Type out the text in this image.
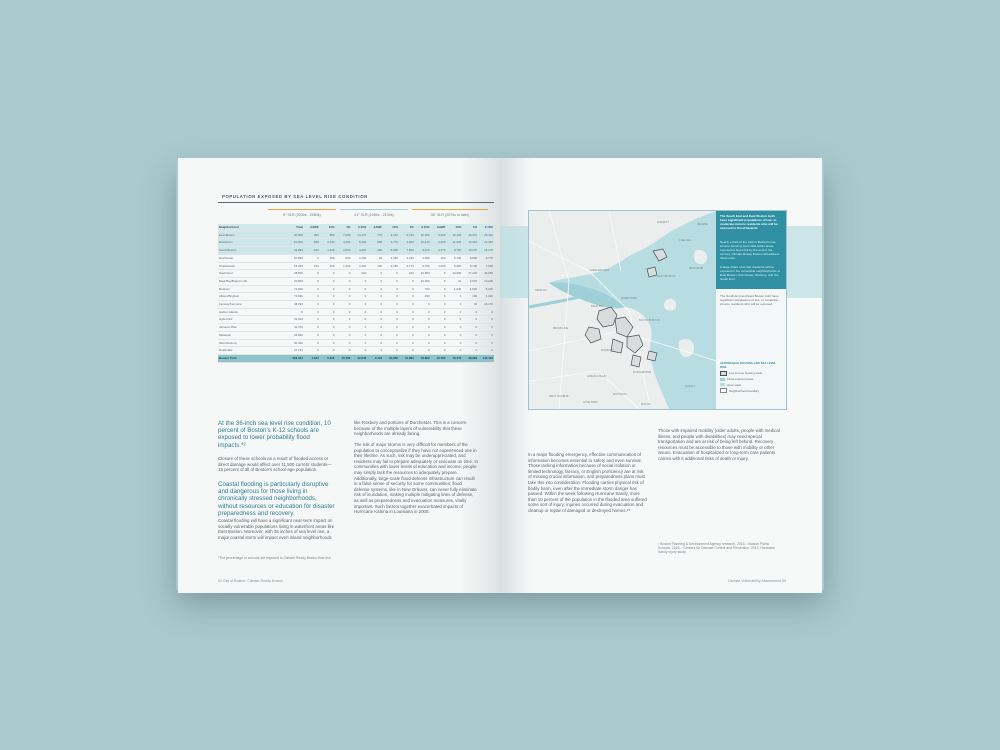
POPULATION EXPOSED BY SEA LEVEL RISE CONDITION
9" SLR (2030s - 2050s)	21" SLR (2050s - 2100s)	36" SLR (2070s or later)
Neighborhood	Total	AAWF	10%	1%	0.10%	AAWF	10%	1%	0.10%	AAWF	10%	1%	0.10%
East Boston	40,508	289	850	7,000	14,470	770	4,010	6,740	16,300	6,400	16,130	19,370	26,420
Downtown	10,300	650	2,190	4,490	5,400	960	3,770	4,940	10,410	2,490	11,230	10,410	21,440
South Boston	31,990	100	1,460	2,090	4,400	100	5,090	7,540	9,210	2,370	8,750	10,270	15,170
Dorchester	87,890	0	180	840	3,190	30	4,340	3,430	4,090	160	5,740	6,830	9,770
Charlestown	16,439	100	400	1,340	3,400	100	2,180	5,770	6,750	1,020	5,920	5,790	7,060
South End	28,800	0	0	0	220	0	0	240	10,880	0	24,980	27,420	30,080
Back Bay/Beacon Hill	22,800	0	0	0	0	0	0	0	10,090	0	10	4,670	10,200
Roxbury	71,900	0	0	0	0	0	0	0	700	0	1,040	1,820	5,200
Allston/Brighton	74,990	0	0	0	0	0	0	0	190	0	0	190	1,020
Fenway/Kenmore	44,290	0	0	0	0	0	0	0	0	0	0	40	10,470
Harbor Islands	0	0	0	0	0	0	0	0	0	0	0	0	0
Hyde Park	32,910	0	0	0	0	0	0	0	0	0	0	0	0
Jamaica Plain	42,370	0	0	0	0	0	0	0	0	0	0	0	0
Mattapan	26,660	0	0	0	0	0	0	0	0	0	0	0	0
West Roxbury	30,440	0	0	0	0	0	0	0	0	0	0	0	0
Roslindale	27,721	0	0	0	0	0	0	0	0	0	0	0	0
Boston Total	626,441	1,340	5,260	15,780	42,240	2,110	22,650	44,060	78,889	12,780	73,770	98,389	144,460
At the 36-inch sea level rise condition, 10 percent of Boston's K-12 schools are exposed to lower probability flood impacts.*²
Closure of these schools as a result of flooded access or direct damage would affect over 11,500 current students—15 percent of all of Boston's school-age population.
Coastal flooding is particularly disruptive and dangerous for those living in chronically stressed neighborhoods, without resources or education for disaster preparedness and recovery.
Coastal flooding will have a significant near-term impact on socially vulnerable populations living in waterfront areas like East Boston. Moreover, with 36 inches of sea level rise, a major coastal storm will impact even inland neighborhoods
*The percentage of schools are exposed to Climate Ready Boston flow rise.
like Roxbury and portions of Dorchester. This is a concern because of the multiple layers of vulnerability that these neighborhoods are already facing.
The risk of major storms is very difficult for members of the population to conceptualize if they have not experienced one in their lifetime. As such, risk may be underappreciated, and residents may fail to prepare adequately or evacuate on time. In communities with lower levels of education and income, people may simply lack the resources to adequately prepare. Additionally, large-scale flood defense infrastructure can result in a false sense of security for some communities; flood defense systems, like in New Orleans, can never fully eliminate risk of inundation, making multiple mitigating lines of defense, as well as preparedness and evacuation measures, vitally important. Such factors together exacerbated impacts of Hurricane Katrina in Louisiana in 2005.
54 City of Boston: Climate Ready Boston
EVERETT
CHELSEA
REVERE
WINTHROP
CHARLESTOWN
EAST BOSTON
DOWNTOWN
SOUTH BOSTON
BACK BAY
ROXBURY
DORCHESTER
JAMAICA PLAIN
WEST ROXBURY
HYDE PARK
MATTAPAN
QUINCY
MILTON
BROOKLINE
NEWTON
The South End and East Boston both have significant populations of low- to moderate-income residents who will be exposed to flood hazards.
Nearly a third of the total in Boston's low-income housing stock falls within areas exposed to flood risk by the end of the century. Climate Ready Boston will address these risks.
A large share of at-risk residents will be exposed in the vulnerable neighborhoods of East Boston, Dorchester, Roxbury, and the South End.
The South End and East Boston both have significant populations of low- to moderate-income residents who will be exposed.
AFFORDABLE HOUSING AND SEA LEVEL RISE
Low-income housing areas
Flood-exposed areas
Open water
Neighborhood boundary
In a major flooding emergency, effective communication of information becomes essential to safety and even survival. Those lacking information because of social isolation or limited technology, literacy, or English proficiency are at risk of missing crucial information, and preparedness plans must take this into consideration. Flooding carries physical risk of bodily harm, even after the immediate storm danger has passed. Within the week following Hurricane Sandy, more than 10 percent of the population in the flooded area suffered some sort of injury; injuries occurred during evacuation and cleanup or repair of damaged or destroyed homes.*³
Those with impaired mobility (older adults, people with medical illness, and people with disabilities) may need special transportation and are at risk of being left behind. Recovery resources must be accessible to those with mobility or other issues. Evacuation of hospitalized or long-term care patients carries with it additional risks of death or injury.
¹ Boston Planning & Development Agency research, 2016. ² Boston Public Schools, 2016. ³ Centers for Disease Control and Prevention, 2013. Hurricane Sandy injury study.
Climate Vulnerability Assessment 55
